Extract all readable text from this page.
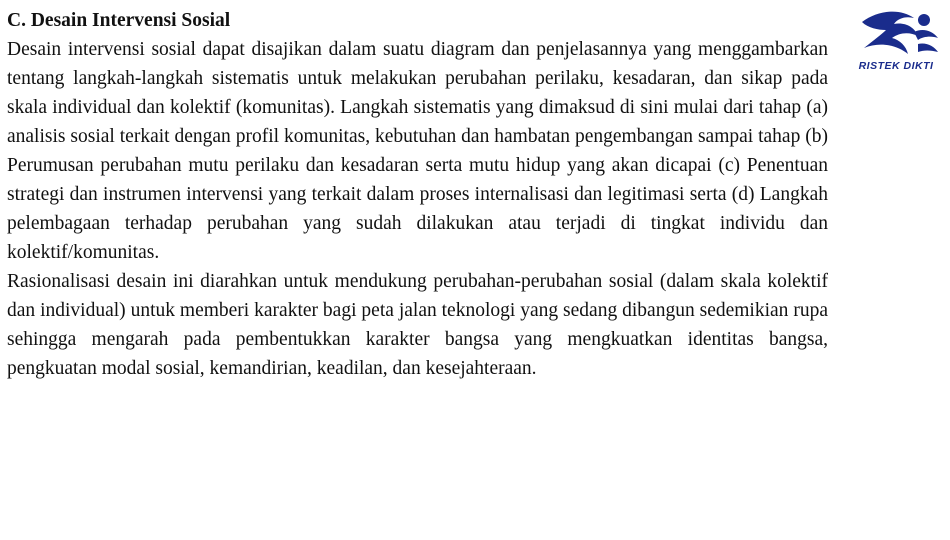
C. Desain Intervensi Sosial

Desain intervensi sosial dapat disajikan dalam suatu diagram dan penjelasannya yang menggambarkan tentang langkah-langkah sistematis untuk melakukan perubahan perilaku, kesadaran, dan sikap pada skala individual dan kolektif (komunitas). Langkah sistematis yang dimaksud di sini mulai dari tahap (a) analisis sosial terkait dengan profil komunitas, kebutuhan dan hambatan pengembangan sampai tahap (b) Perumusan perubahan mutu perilaku dan kesadaran serta mutu hidup yang akan dicapai (c) Penentuan strategi dan instrumen intervensi yang terkait dalam proses internalisasi dan legitimasi serta (d) Langkah pelembagaan terhadap perubahan yang sudah dilakukan atau terjadi di tingkat individu dan kolektif/komunitas.

Rasionalisasi desain ini diarahkan untuk mendukung perubahan-perubahan sosial (dalam skala kolektif dan individual) untuk memberi karakter bagi peta jalan teknologi yang sedang dibangun sedemikian rupa sehingga mengarah pada pembentukkan karakter bangsa yang mengkuatkan identitas bangsa, pengkuatan modal sosial, kemandirian, keadilan, dan kesejahteraan.

RISTEK DIKTI
